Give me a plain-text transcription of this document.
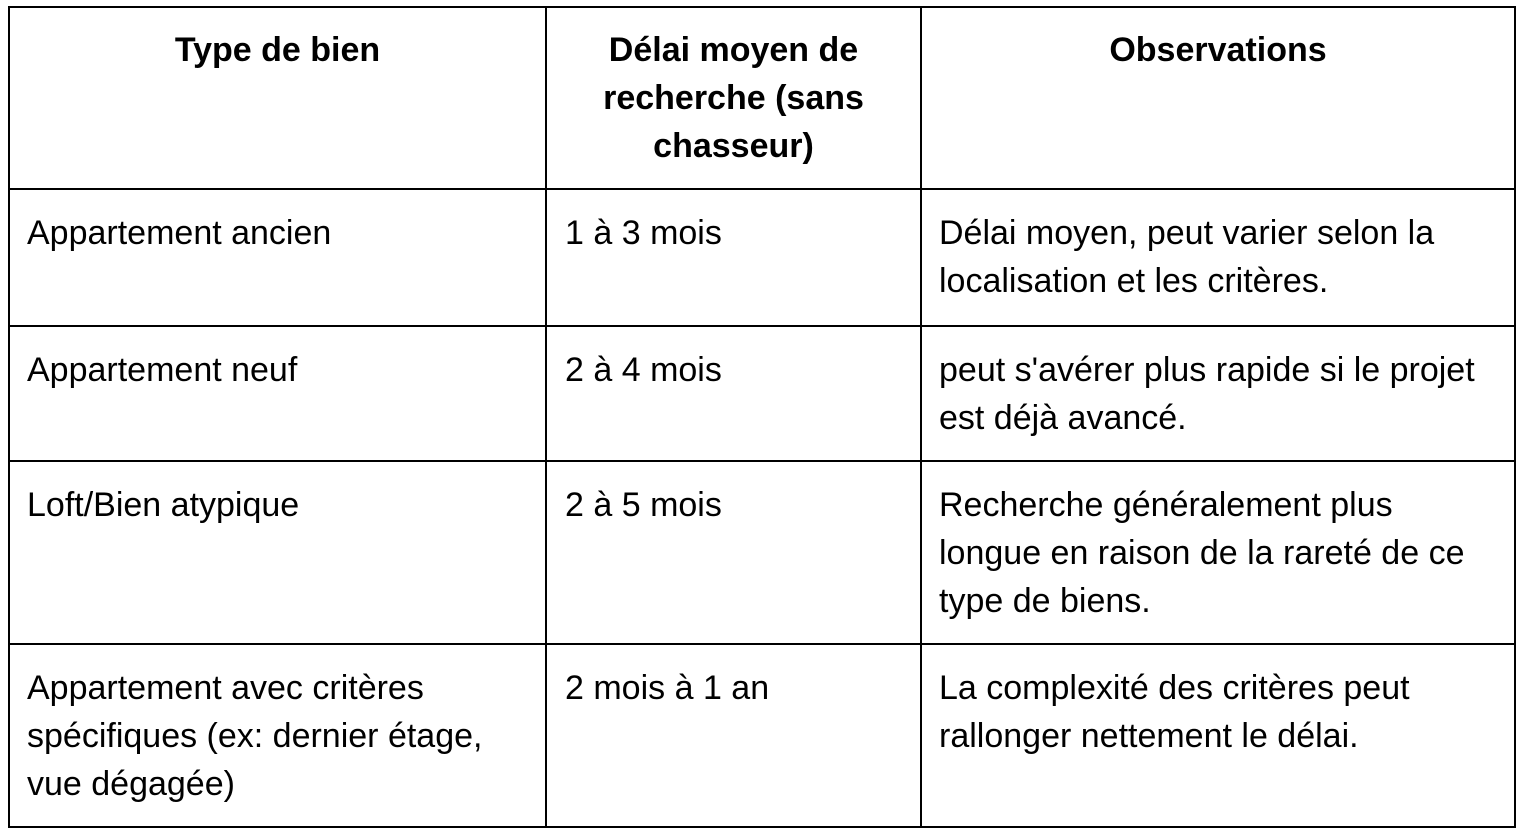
Type de bien	Délai moyen de recherche (sans chasseur)	Observations
Appartement ancien	1 à 3 mois	Délai moyen, peut varier selon la localisation et les critères.
Appartement neuf	2 à 4 mois	peut s'avérer plus rapide si le projet est déjà avancé.
Loft/Bien atypique	2 à 5 mois	Recherche généralement plus longue en raison de la rareté de ce type de biens.
Appartement avec critères spécifiques (ex: dernier étage, vue dégagée)	2 mois à 1 an	La complexité des critères peut rallonger nettement le délai.
